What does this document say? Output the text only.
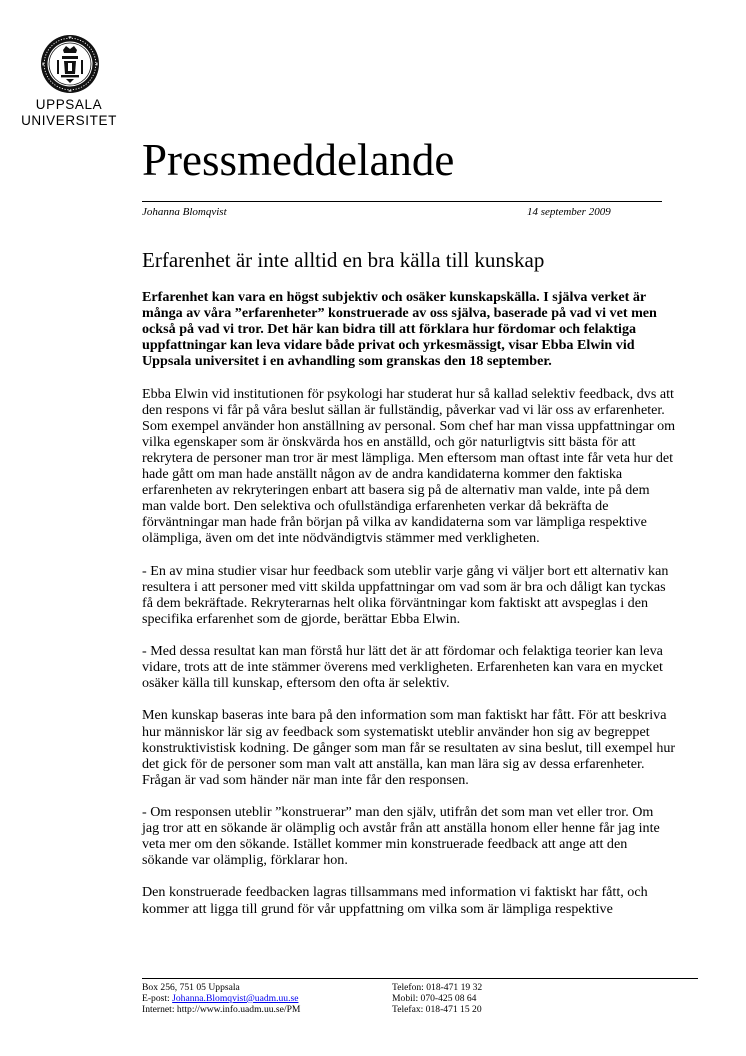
UPPSALA
UNIVERSITET
Pressmeddelande
Johanna Blomqvist	14 september 2009
Erfarenhet är inte alltid en bra källa till kunskap

Erfarenhet kan vara en högst subjektiv och osäker kunskapskälla. I själva verket är
många av våra ”erfarenheter” konstruerade av oss själva, baserade på vad vi vet men
också på vad vi tror. Det här kan bidra till att förklara hur fördomar och felaktiga
uppfattningar kan leva vidare både privat och yrkesmässigt, visar Ebba Elwin vid
Uppsala universitet i en avhandling som granskas den 18 september.

Ebba Elwin vid institutionen för psykologi har studerat hur så kallad selektiv feedback, dvs att
den respons vi får på våra beslut sällan är fullständig, påverkar vad vi lär oss av erfarenheter.
Som exempel använder hon anställning av personal. Som chef har man vissa uppfattningar om
vilka egenskaper som är önskvärda hos en anställd, och gör naturligtvis sitt bästa för att
rekrytera de personer man tror är mest lämpliga. Men eftersom man oftast inte får veta hur det
hade gått om man hade anställt någon av de andra kandidaterna kommer den faktiska
erfarenheten av rekryteringen enbart att basera sig på de alternativ man valde, inte på dem
man valde bort. Den selektiva och ofullständiga erfarenheten verkar då bekräfta de
förväntningar man hade från början på vilka av kandidaterna som var lämpliga respektive
olämpliga, även om det inte nödvändigtvis stämmer med verkligheten.

- En av mina studier visar hur feedback som uteblir varje gång vi väljer bort ett alternativ kan
resultera i att personer med vitt skilda uppfattningar om vad som är bra och dåligt kan tyckas
få dem bekräftade. Rekryterarnas helt olika förväntningar kom faktiskt att avspeglas i den
specifika erfarenhet som de gjorde, berättar Ebba Elwin.

- Med dessa resultat kan man förstå hur lätt det är att fördomar och felaktiga teorier kan leva
vidare, trots att de inte stämmer överens med verkligheten. Erfarenheten kan vara en mycket
osäker källa till kunskap, eftersom den ofta är selektiv.

Men kunskap baseras inte bara på den information som man faktiskt har fått. För att beskriva
hur människor lär sig av feedback som systematiskt uteblir använder hon sig av begreppet
konstruktivistisk kodning. De gånger som man får se resultaten av sina beslut, till exempel hur
det gick för de personer som man valt att anställa, kan man lära sig av dessa erfarenheter.
Frågan är vad som händer när man inte får den responsen.

- Om responsen uteblir ”konstruerar” man den själv, utifrån det som man vet eller tror. Om
jag tror att en sökande är olämplig och avstår från att anställa honom eller henne får jag inte
veta mer om den sökande. Istället kommer min konstruerade feedback att ange att den
sökande var olämplig, förklarar hon.

Den konstruerade feedbacken lagras tillsammans med information vi faktiskt har fått, och
kommer att ligga till grund för vår uppfattning om vilka som är lämpliga respektive

Box 256, 751 05 Uppsala
E-post: Johanna.Blomqvist@uadm.uu.se
Internet: http://www.info.uadm.uu.se/PM
Telefon: 018-471 19 32
Mobil: 070-425 08 64
Telefax: 018-471 15 20
